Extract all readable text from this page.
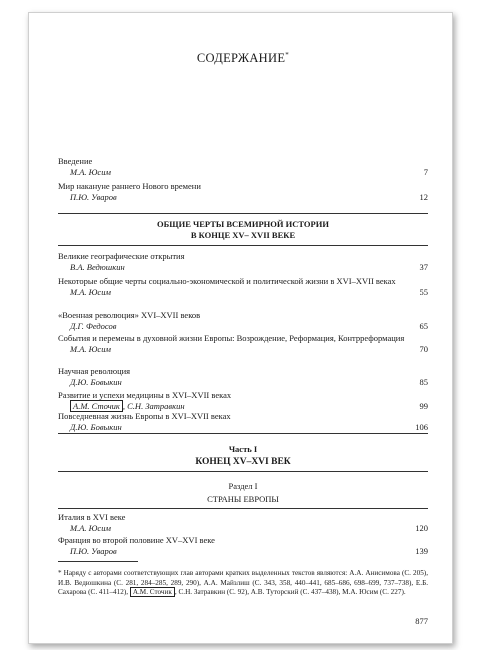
СОДЕРЖАНИЕ*
Введение
М.А. Юсим	7
Мир накануне раннего Нового времени
П.Ю. Уваров	12
ОБЩИЕ ЧЕРТЫ ВСЕМИРНОЙ ИСТОРИИ
В КОНЦЕ XV– XVII ВЕКЕ
Великие географические открытия
В.А. Ведюшкин	37
Некоторые общие черты социально-экономической и политической жизни в XVI–XVII веках
М.А. Юсим	55
«Военная революция» XVI–XVII веков
Д.Г. Федосов	65
События и перемены в духовной жизни Европы: Возрождение, Реформация, Контрреформация
М.А. Юсим	70
Научная революция
Д.Ю. Бовыкин	85
Развитие и успехи медицины в XVI–XVII веках
А.М. Сточик , С.Н. Затравкин	99
Повседневная жизнь Европы в XVI–XVII веках
Д.Ю. Бовыкин	106
Часть I
КОНЕЦ XV–XVI ВЕК
Раздел I
СТРАНЫ ЕВРОПЫ
Италия в XVI веке
М.А. Юсим	120
Франция во второй половине XV–XVI веке
П.Ю. Уваров	139
* Наряду с авторами соответствующих глав авторами кратких выделенных текстов являются: А.А. Анисимова (С. 205), И.В. Ведюшкина (С. 281, 284–285, 289, 290), А.А. Майзлиш (С. 343, 358, 440–441, 685–686, 698–699, 737–738), Е.Б. Сахарова (С. 411–412), А.М. Сточик , С.Н. Затравкин (С. 92), А.В. Туторский (С. 437–438), М.А. Юсим (С. 227).
877
